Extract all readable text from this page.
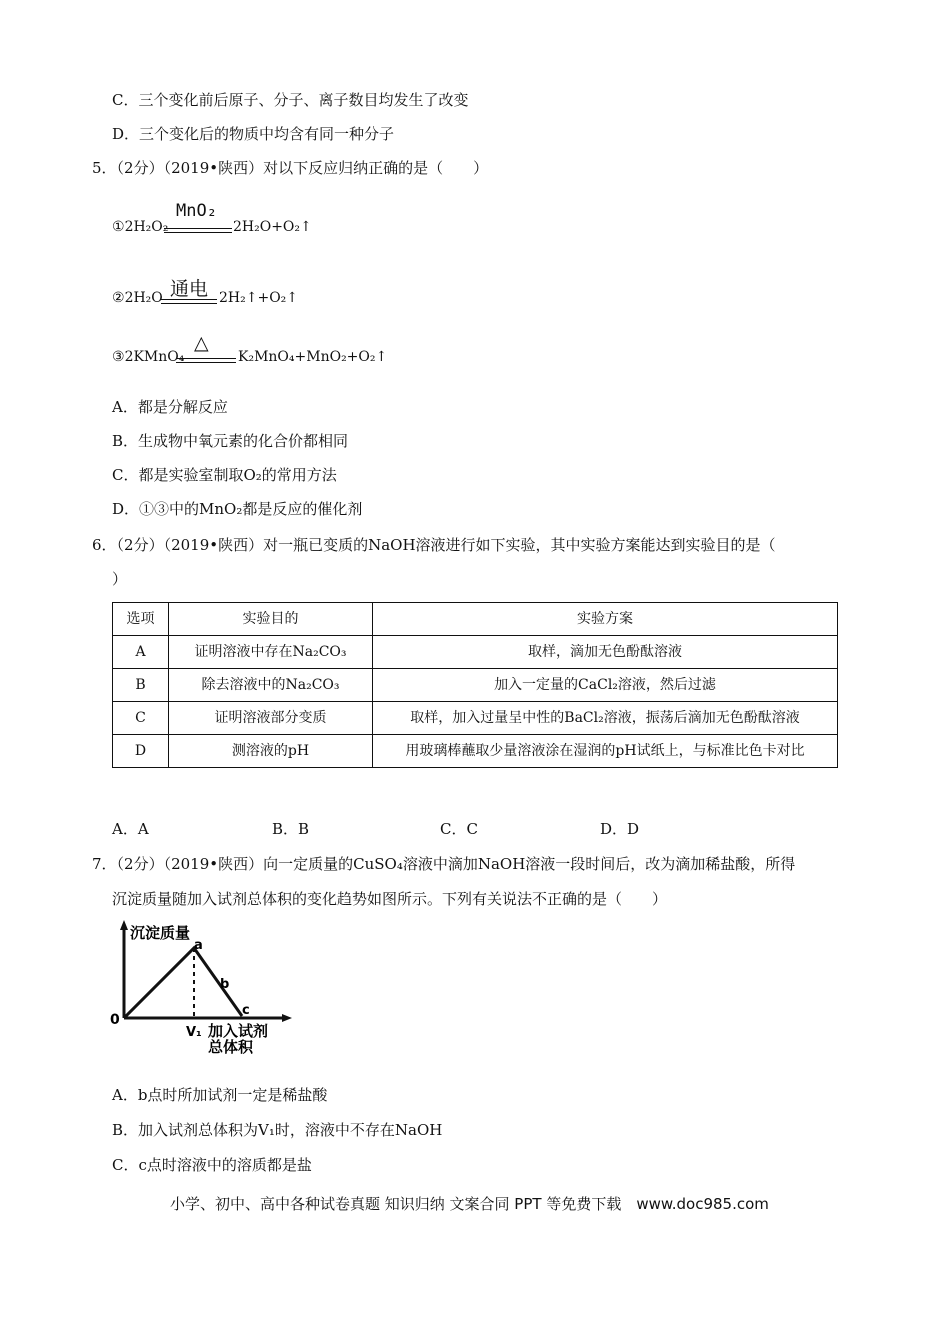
C．三个变化前后原子、分子、离子数目均发生了改变
D．三个变化后的物质中均含有同一种分子
5．（2分）（2019•陕西）对以下反应归纳正确的是（　　）
MnO₂
①2H₂O₂	2H₂O+O₂↑
通电
②2H₂O	2H₂↑+O₂↑
△
③2KMnO₄	K₂MnO₄+MnO₂+O₂↑
A．都是分解反应
B．生成物中氧元素的化合价都相同
C．都是实验室制取O₂的常用方法
D．①③中的MnO₂都是反应的催化剂
6．（2分）（2019•陕西）对一瓶已变质的NaOH溶液进行如下实验，其中实验方案能达到实验目的是（
）
选项	实验目的	实验方案
A	证明溶液中存在Na₂CO₃	取样，滴加无色酚酞溶液
B	除去溶液中的Na₂CO₃	加入一定量的CaCl₂溶液，然后过滤
C	证明溶液部分变质	取样，加入过量呈中性的BaCl₂溶液，振荡后滴加无色酚酞溶液
D	测溶液的pH	用玻璃棒蘸取少量溶液涂在湿润的pH试纸上，与标准比色卡对比
A．A	B．B	C．C	D．D
7．（2分）（2019•陕西）向一定质量的CuSO₄溶液中滴加NaOH溶液一段时间后，改为滴加稀盐酸，所得
沉淀质量随加入试剂总体积的变化趋势如图所示。下列有关说法不正确的是（　　）
沉淀质量
a
b
c
0
V₁ 加入试剂
总体积
A．b点时所加试剂一定是稀盐酸
B．加入试剂总体积为V₁时，溶液中不存在NaOH
C．c点时溶液中的溶质都是盐
小学、初中、高中各种试卷真题 知识归纳 文案合同 PPT 等免费下载　www.doc985.com
